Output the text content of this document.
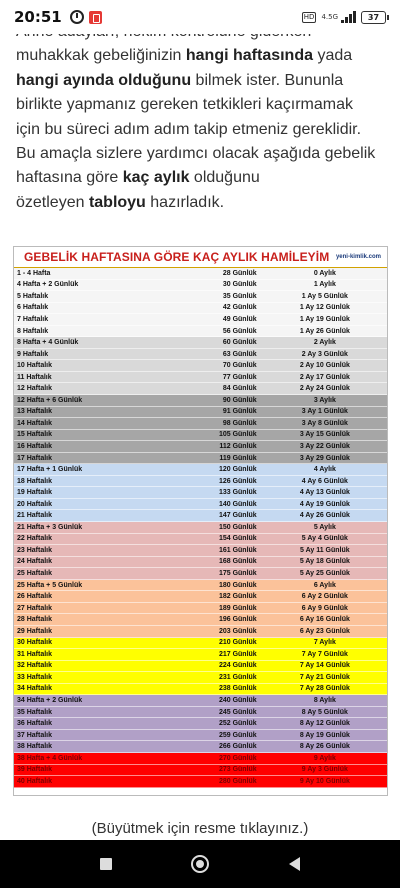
20:51	HD 4.5G	37

muhakkak gebeliğinizin hangi haftasında yada
hangi ayında olduğunu bilmek ister. Bununla
birlikte yapmanız gereken tetkikleri kaçırmamak
için bu süreci adım adım takip etmeniz gereklidir.
Bu amaçla sizlere yardımcı olacak aşağıda gebelik
haftasına göre kaç aylık olduğunu
özetleyen tabloyu hazırladık.

GEBELİK HAFTASINA GÖRE KAÇ AYLIK HAMİLEYİM yeni-kimlik.com
1 - 4 Hafta	28 Günlük	0 Aylık
4 Hafta + 2 Günlük	30 Günlük	1 Aylık
5 Haftalık	35 Günlük	1 Ay 5 Günlük
6 Haftalık	42 Günlük	1 Ay 12 Günlük
7 Haftalık	49 Günlük	1 Ay 19 Günlük
8 Haftalık	56 Günlük	1 Ay 26 Günlük
8 Hafta + 4 Günlük	60 Günlük	2 Aylık
9 Haftalık	63 Günlük	2 Ay 3 Günlük
10 Haftalık	70 Günlük	2 Ay 10 Günlük
11 Haftalık	77 Günlük	2 Ay 17 Günlük
12 Haftalık	84 Günlük	2 Ay 24 Günlük
12 Hafta + 6 Günlük	90 Günlük	3 Aylık
13 Haftalık	91 Günlük	3 Ay 1 Günlük
14 Haftalık	98 Günlük	3 Ay 8 Günlük
15 Haftalık	105 Günlük	3 Ay 15 Günlük
16 Haftalık	112 Günlük	3 Ay 22 Günlük
17 Haftalık	119 Günlük	3 Ay 29 Günlük
17 Hafta + 1 Günlük	120 Günlük	4 Aylık
18 Haftalık	126 Günlük	4 Ay 6 Günlük
19 Haftalık	133 Günlük	4 Ay 13 Günlük
20 Haftalık	140 Günlük	4 Ay 19 Günlük
21 Haftalık	147 Günlük	4 Ay 26 Günlük
21 Hafta + 3 Günlük	150 Günlük	5 Aylık
22 Haftalık	154 Günlük	5 Ay 4 Günlük
23 Haftalık	161 Günlük	5 Ay 11 Günlük
24 Haftalık	168 Günlük	5 Ay 18 Günlük
25 Haftalık	175 Günlük	5 Ay 25 Günlük
25 Hafta + 5 Günlük	180 Günlük	6 Aylık
26 Haftalık	182 Günlük	6 Ay 2 Günlük
27 Haftalık	189 Günlük	6 Ay 9 Günlük
28 Haftalık	196 Günlük	6 Ay 16 Günlük
29 Haftalık	203 Günlük	6 Ay 23 Günlük
30 Haftalık	210 Günlük	7 Aylık
31 Haftalık	217 Günlük	7 Ay 7 Günlük
32 Haftalık	224 Günlük	7 Ay 14 Günlük
33 Haftalık	231 Günlük	7 Ay 21 Günlük
34 Haftalık	238 Günlük	7 Ay 28 Günlük
34 Hafta + 2 Günlük	240 Günlük	8 Aylık
35 Haftalık	245 Günlük	8 Ay 5 Günlük
36 Haftalık	252 Günlük	8 Ay 12 Günlük
37 Haftalık	259 Günlük	8 Ay 19 Günlük
38 Haftalık	266 Günlük	8 Ay 26 Günlük
38 Hafta + 4 Günlük	270 Günlük	9 Aylık
39 Haftalık	273 Günlük	9 Ay 3 Günlük
40 Haftalık	280 Günlük	9 Ay 10 Günlük
(Büyütmek için resme tıklayınız.)
